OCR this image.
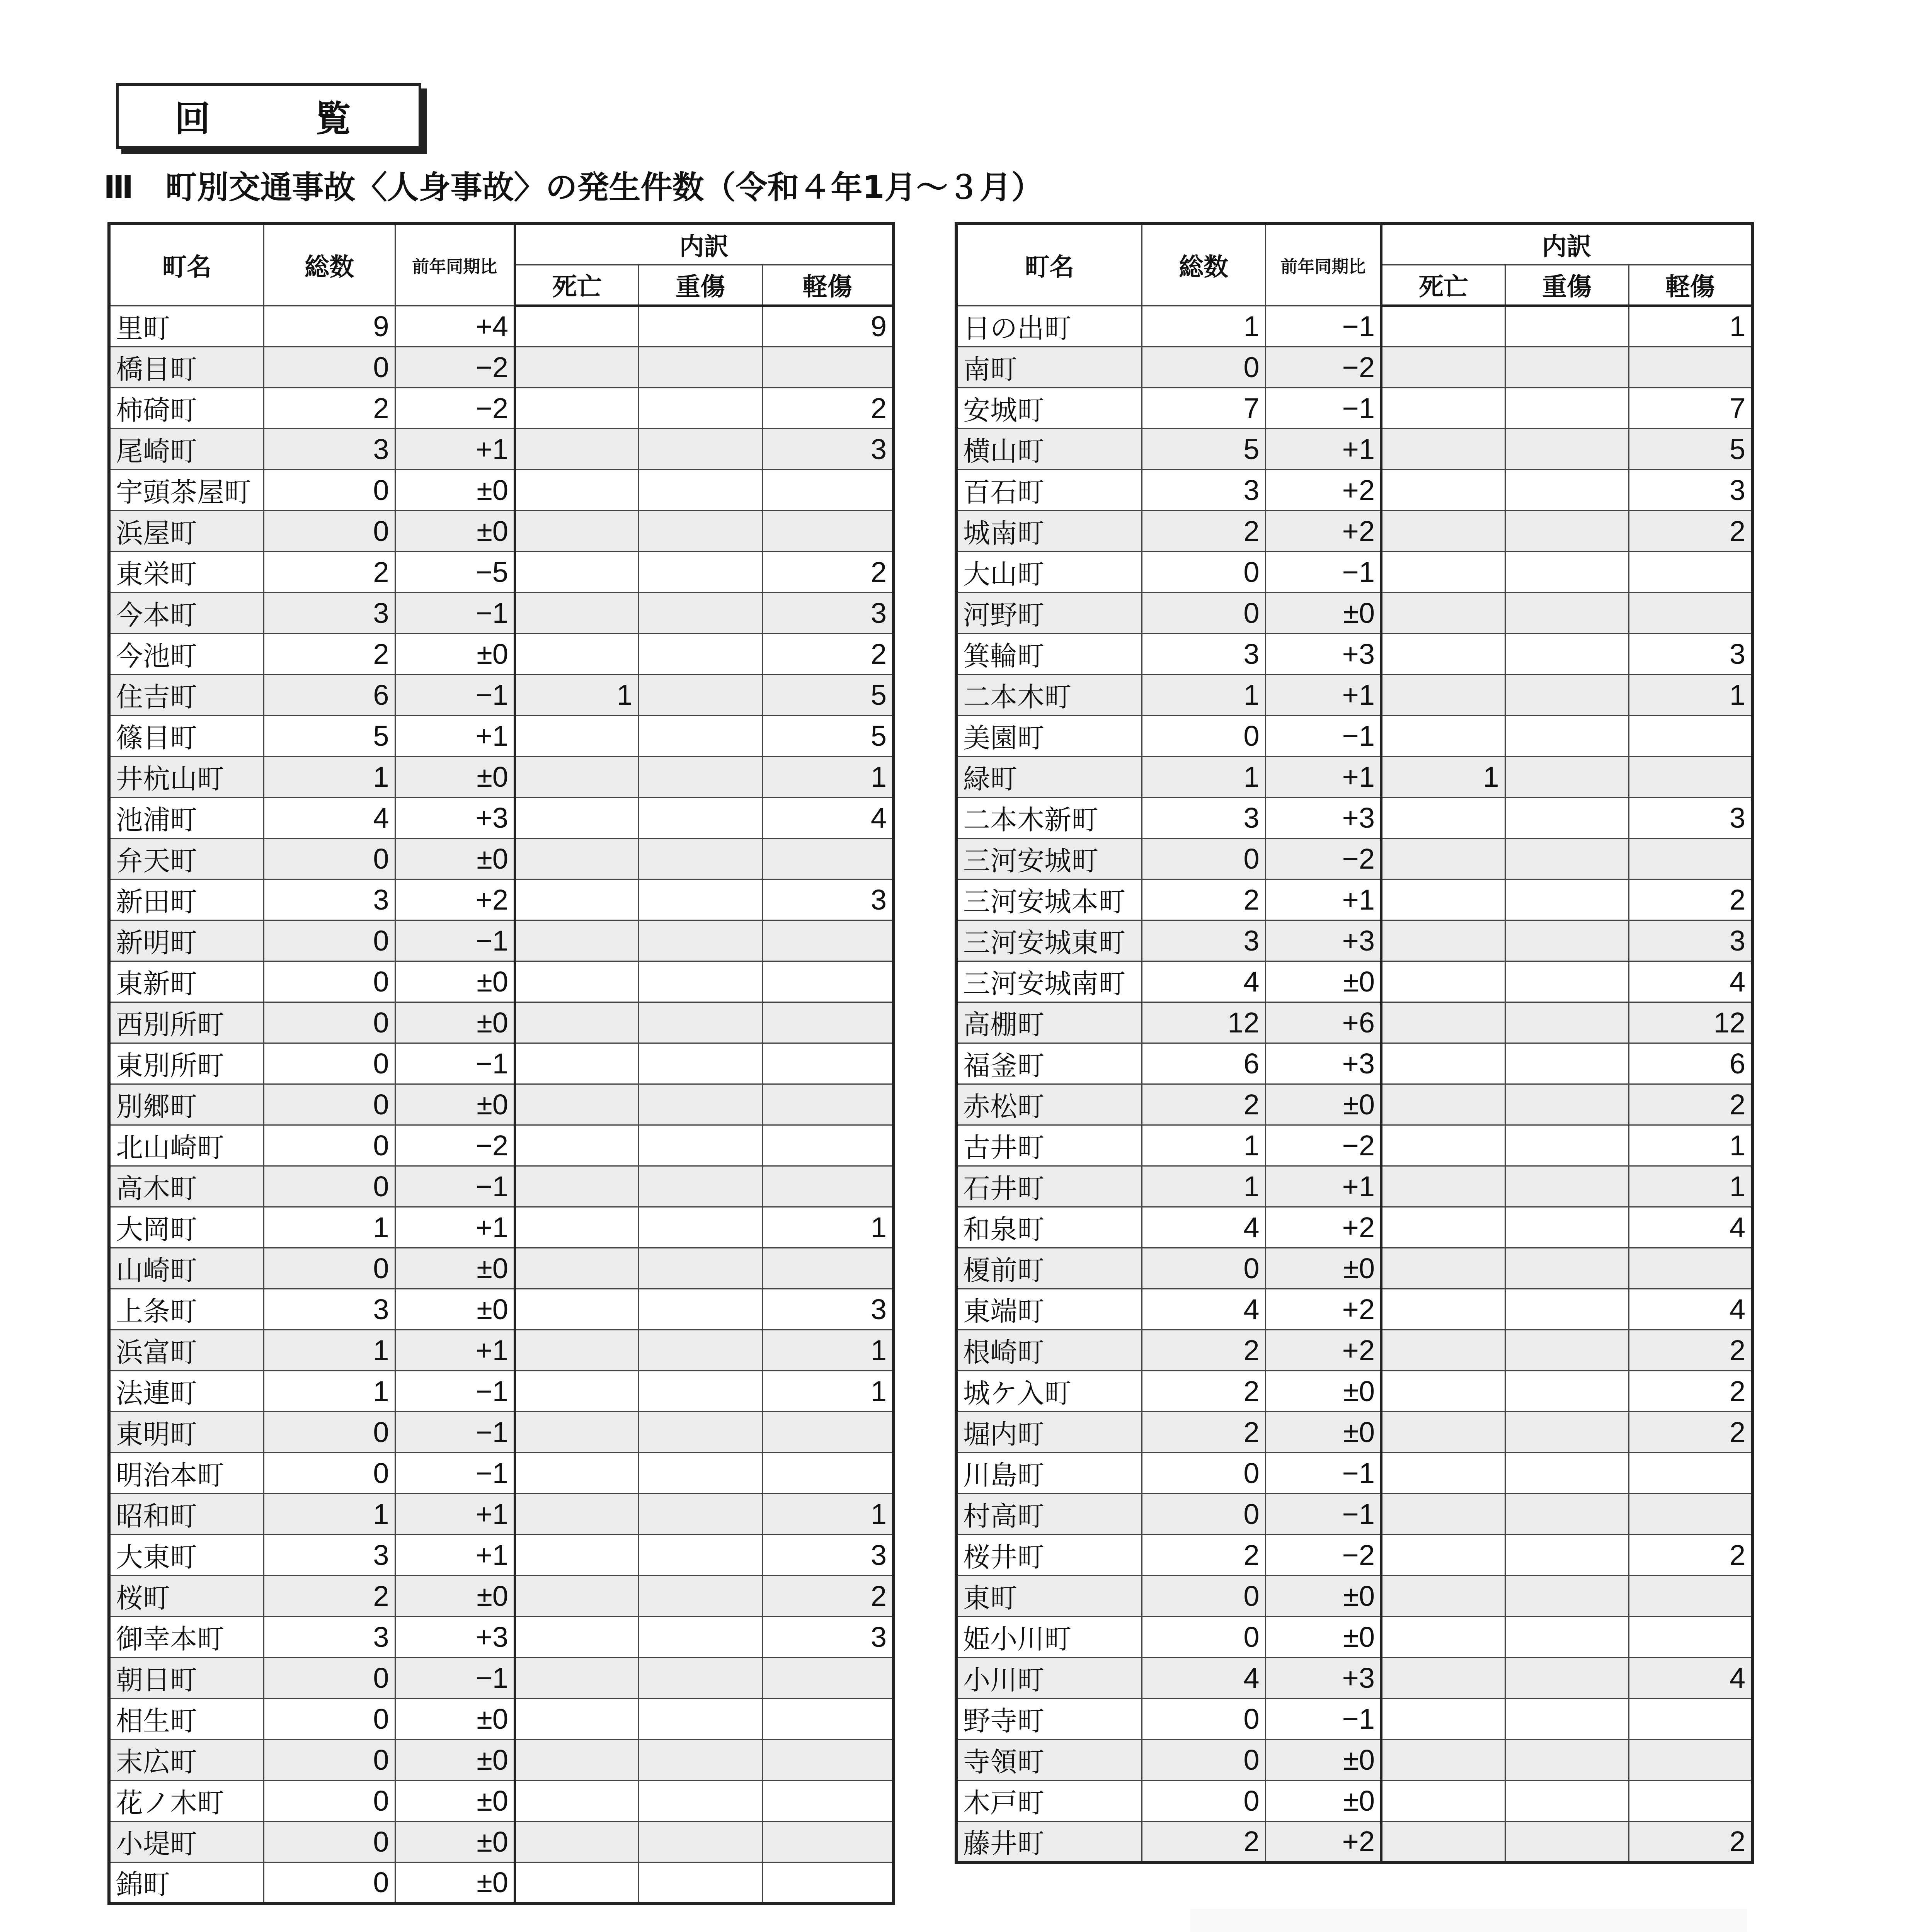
回　覧
Ⅲ　町別交通事故〈人身事故〉の発生件数（令和４年1月～３月）
町名	総数	前年同期比	内訳		
			死亡	重傷	軽傷
里町	9	+4			9
橋目町	0	−2			
柿碕町	2	−2			2
尾崎町	3	+1			3
宇頭茶屋町	0	±0			
浜屋町	0	±0			
東栄町	2	−5			2
今本町	3	−1			3
今池町	2	±0			2
住吉町	6	−1	1		5
篠目町	5	+1			5
井杭山町	1	±0			1
池浦町	4	+3			4
弁天町	0	±0			
新田町	3	+2			3
新明町	0	−1			
東新町	0	±0			
西別所町	0	±0			
東別所町	0	−1			
別郷町	0	±0			
北山崎町	0	−2			
高木町	0	−1			
大岡町	1	+1			1
山崎町	0	±0			
上条町	3	±0			3
浜富町	1	+1			1
法連町	1	−1			1
東明町	0	−1			
明治本町	0	−1			
昭和町	1	+1			1
大東町	3	+1			3
桜町	2	±0			2
御幸本町	3	+3			3
朝日町	0	−1			
相生町	0	±0			
末広町	0	±0			
花ノ木町	0	±0			
小堤町	0	±0			
錦町	0	±0			
町名	総数	前年同期比	内訳		
			死亡	重傷	軽傷
日の出町	1	−1			1
南町	0	−2			
安城町	7	−1			7
横山町	5	+1			5
百石町	3	+2			3
城南町	2	+2			2
大山町	0	−1			
河野町	0	±0			
箕輪町	3	+3			3
二本木町	1	+1			1
美園町	0	−1			
緑町	1	+1	1		
二本木新町	3	+3			3
三河安城町	0	−2			
三河安城本町	2	+1			2
三河安城東町	3	+3			3
三河安城南町	4	±0			4
高棚町	12	+6			12
福釜町	6	+3			6
赤松町	2	±0			2
古井町	1	−2			1
石井町	1	+1			1
和泉町	4	+2			4
榎前町	0	±0			
東端町	4	+2			4
根崎町	2	+2			2
城ケ入町	2	±0			2
堀内町	2	±0			2
川島町	0	−1			
村高町	0	−1			
桜井町	2	−2			2
東町	0	±0			
姫小川町	0	±0			
小川町	4	+3			4
野寺町	0	−1			
寺領町	0	±0			
木戸町	0	±0			
藤井町	2	+2			2
